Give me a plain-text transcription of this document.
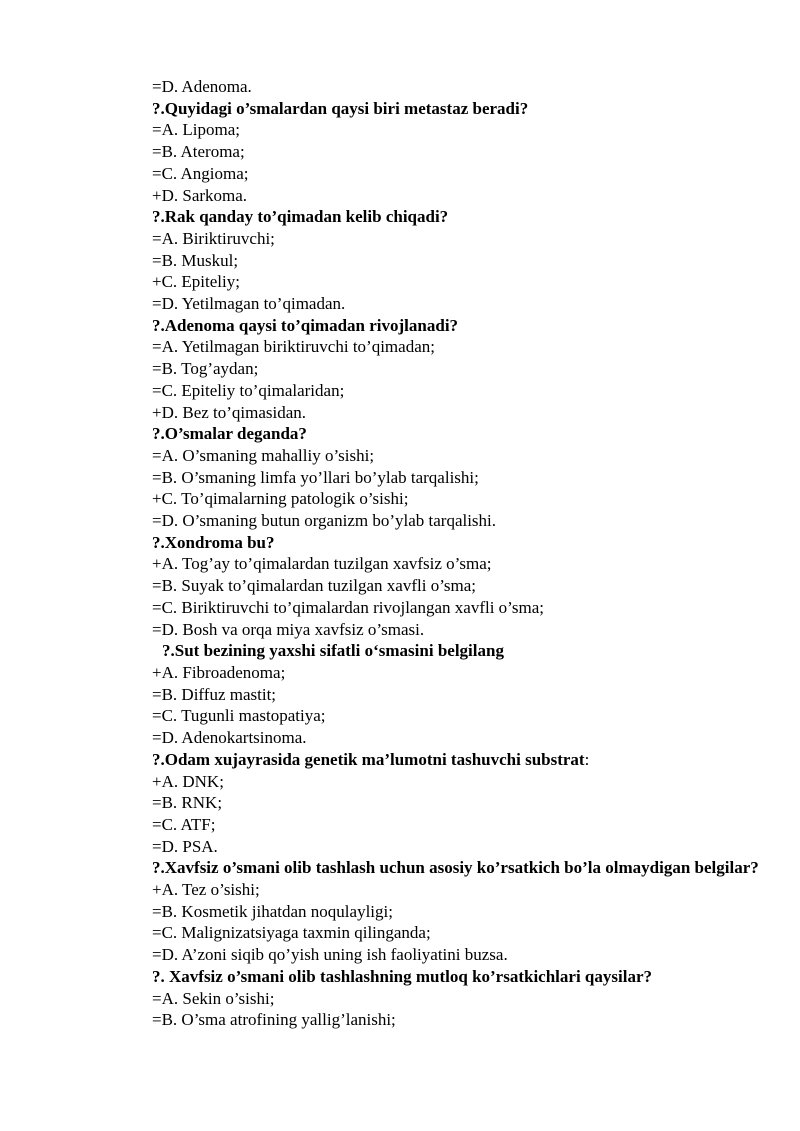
=D. Adenoma.
?.Quyidagi o’smalardan qaysi biri metastaz beradi?
=A. Lipoma;
=B. Ateroma;
=C. Angioma;
+D. Sarkoma.
?.Rak qanday to’qimadan kelib chiqadi?
=A. Biriktiruvchi;
=B. Muskul;
+C. Epiteliy;
=D. Yetilmagan to’qimadan.
?.Adenoma qaysi to’qimadan rivojlanadi?
=A. Yetilmagan biriktiruvchi to’qimadan;
=B. Tog’aydan;
=C. Epiteliy to’qimalaridan;
+D. Bez to’qimasidan.
?.O’smalar deganda?
=A. O’smaning mahalliy o’sishi;
=B. O’smaning limfa yo’llari bo’ylab tarqalishi;
+C. To’qimalarning patologik o’sishi;
=D. O’smaning butun organizm bo’ylab tarqalishi.
?.Xondroma bu?
+A. Tog’ay to’qimalardan tuzilgan xavfsiz o’sma;
=B. Suyak to’qimalardan tuzilgan xavfli o’sma;
=C. Biriktiruvchi to’qimalardan rivojlangan xavfli o’sma;
=D. Bosh va orqa miya xavfsiz o’smasi.
?.Sut bezining yaxshi sifatli o‘smasini belgilang
+A. Fibroadenoma;
=B. Diffuz mastit;
=C. Tugunli mastopatiya;
=D. Adenokartsinoma.
?.Odam xujayrasida genetik ma’lumotni tashuvchi substrat:
+A. DNK;
=B. RNK;
=C. ATF;
=D. PSA.
?.Xavfsiz o’smani olib tashlash uchun asosiy ko’rsatkich bo’la olmaydigan belgilar?
+A. Tez o’sishi;
=B. Kosmetik jihatdan noqulayligi;
=C. Malignizatsiyaga taxmin qilinganda;
=D. A’zoni siqib qo’yish uning ish faoliyatini buzsa.
?. Xavfsiz o’smani olib tashlashning mutloq ko’rsatkichlari qaysilar?
=A. Sekin o’sishi;
=B. O’sma atrofining yallig’lanishi;
